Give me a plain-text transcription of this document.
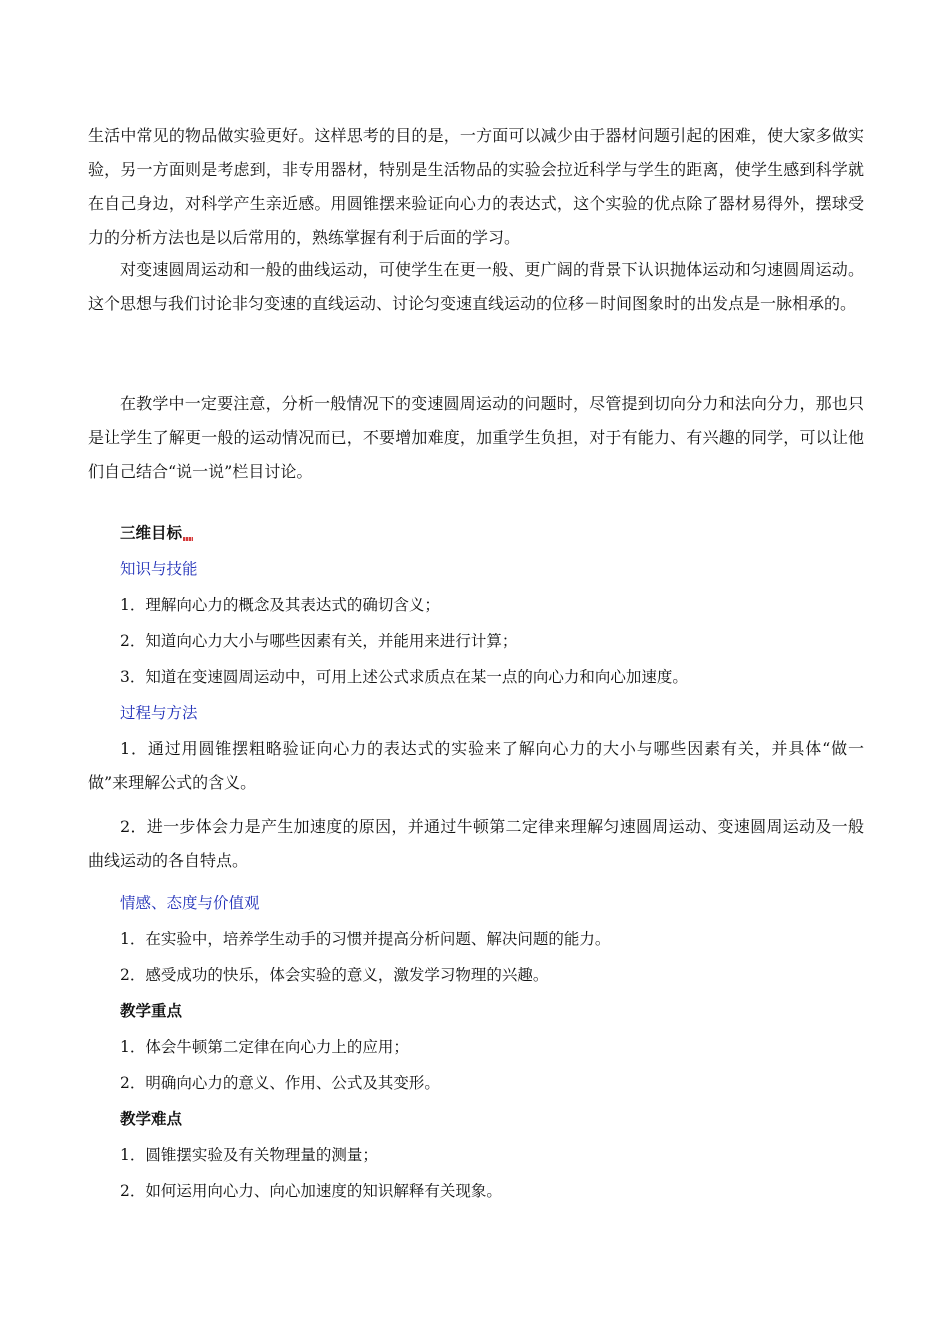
生活中常见的物品做实验更好。这样思考的目的是，一方面可以减少由于器材问题引起的困难，使大家多做实验，另一方面则是考虑到，非专用器材，特别是生活物品的实验会拉近科学与学生的距离，使学生感到科学就在自己身边，对科学产生亲近感。用圆锥摆来验证向心力的表达式，这个实验的优点除了器材易得外，摆球受力的分析方法也是以后常用的，熟练掌握有利于后面的学习。

对变速圆周运动和一般的曲线运动，可使学生在更一般、更广阔的背景下认识抛体运动和匀速圆周运动。这个思想与我们讨论非匀变速的直线运动、讨论匀变速直线运动的位移－时间图象时的出发点是一脉相承的。

在教学中一定要注意，分析一般情况下的变速圆周运动的问题时，尽管提到切向分力和法向分力，那也只是让学生了解更一般的运动情况而已，不要增加难度，加重学生负担，对于有能力、有兴趣的同学，可以让他们自己结合“说一说”栏目讨论。

三维目标
知识与技能
1．理解向心力的概念及其表达式的确切含义；
2．知道向心力大小与哪些因素有关，并能用来进行计算；
3．知道在变速圆周运动中，可用上述公式求质点在某一点的向心力和向心加速度。
过程与方法

1．通过用圆锥摆粗略验证向心力的表达式的实验来了解向心力的大小与哪些因素有关，并具体“做一做”来理解公式的含义。

2．进一步体会力是产生加速度的原因，并通过牛顿第二定律来理解匀速圆周运动、变速圆周运动及一般曲线运动的各自特点。

情感、态度与价值观
1．在实验中，培养学生动手的习惯并提高分析问题、解决问题的能力。
2．感受成功的快乐，体会实验的意义，激发学习物理的兴趣。
教学重点
1．体会牛顿第二定律在向心力上的应用；
2．明确向心力的意义、作用、公式及其变形。
教学难点
1．圆锥摆实验及有关物理量的测量；
2．如何运用向心力、向心加速度的知识解释有关现象。
